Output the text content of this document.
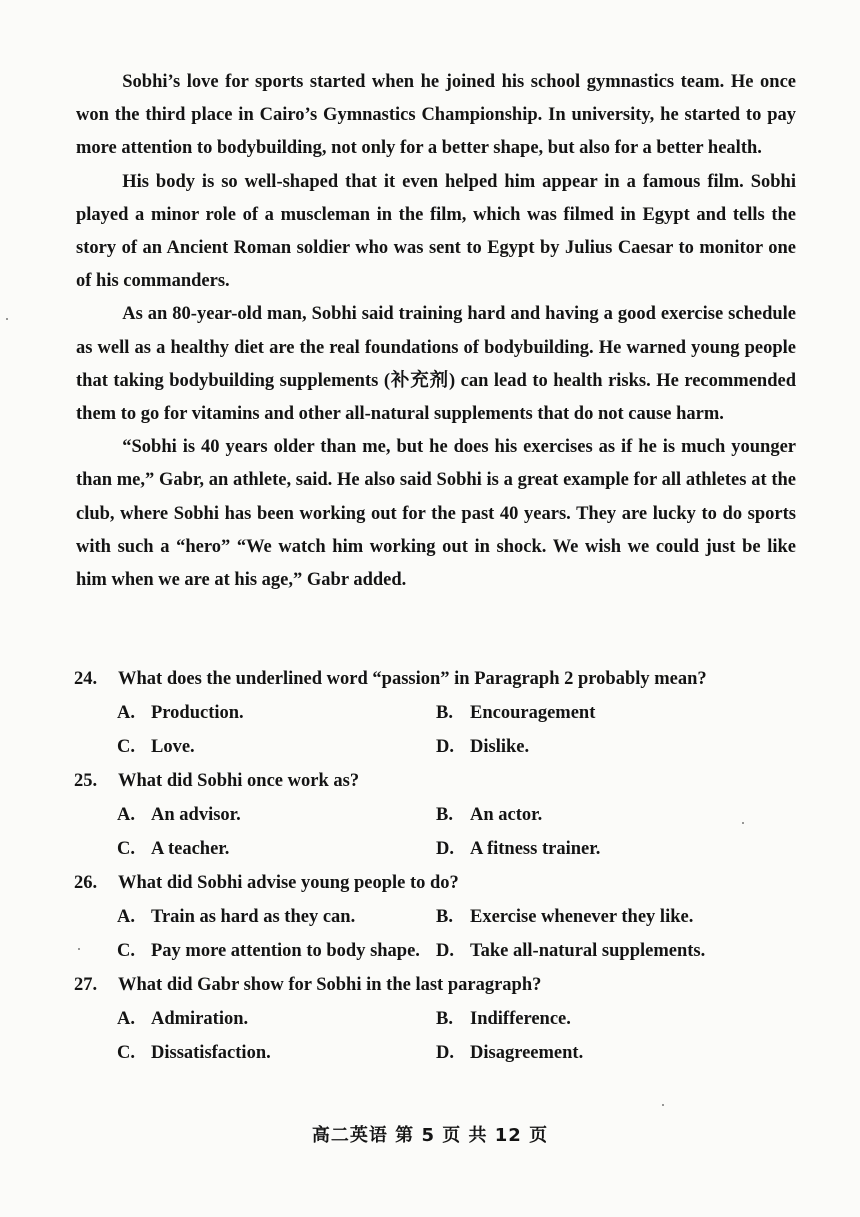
Sobhi’s love for sports started when he joined his school gymnastics team. He once won the third place in Cairo’s Gymnastics Championship. In university, he started to pay more attention to bodybuilding, not only for a better shape, but also for a better health.

His body is so well-shaped that it even helped him appear in a famous film. Sobhi played a minor role of a muscleman in the film, which was filmed in Egypt and tells the story of an Ancient Roman soldier who was sent to Egypt by Julius Caesar to monitor one of his commanders.

As an 80-year-old man, Sobhi said training hard and having a good exercise schedule as well as a healthy diet are the real foundations of bodybuilding. He warned young people that taking bodybuilding supplements (补充剂) can lead to health risks. He recommended them to go for vitamins and other all-natural supplements that do not cause harm.

“Sobhi is 40 years older than me, but he does his exercises as if he is much younger than me,” Gabr, an athlete, said. He also said Sobhi is a great example for all athletes at the club, where Sobhi has been working out for the past 40 years. They are lucky to do sports with such a “hero” “We watch him working out in shock. We wish we could just be like him when we are at his age,” Gabr added.

24. What does the underlined word “passion” in Paragraph 2 probably mean?
A. Production.	B. Encouragement
C. Love.	D. Dislike.
25. What did Sobhi once work as?
A. An advisor.	B. An actor.
C. A teacher.	D. A fitness trainer.
26. What did Sobhi advise young people to do?
A. Train as hard as they can.	B. Exercise whenever they like.
C. Pay more attention to body shape. D. Take all-natural supplements.
27. What did Gabr show for Sobhi in the last paragraph?
A. Admiration.	B. Indifference.
C. Dissatisfaction.	D. Disagreement.
高二英语 第 5 页 共 12 页
